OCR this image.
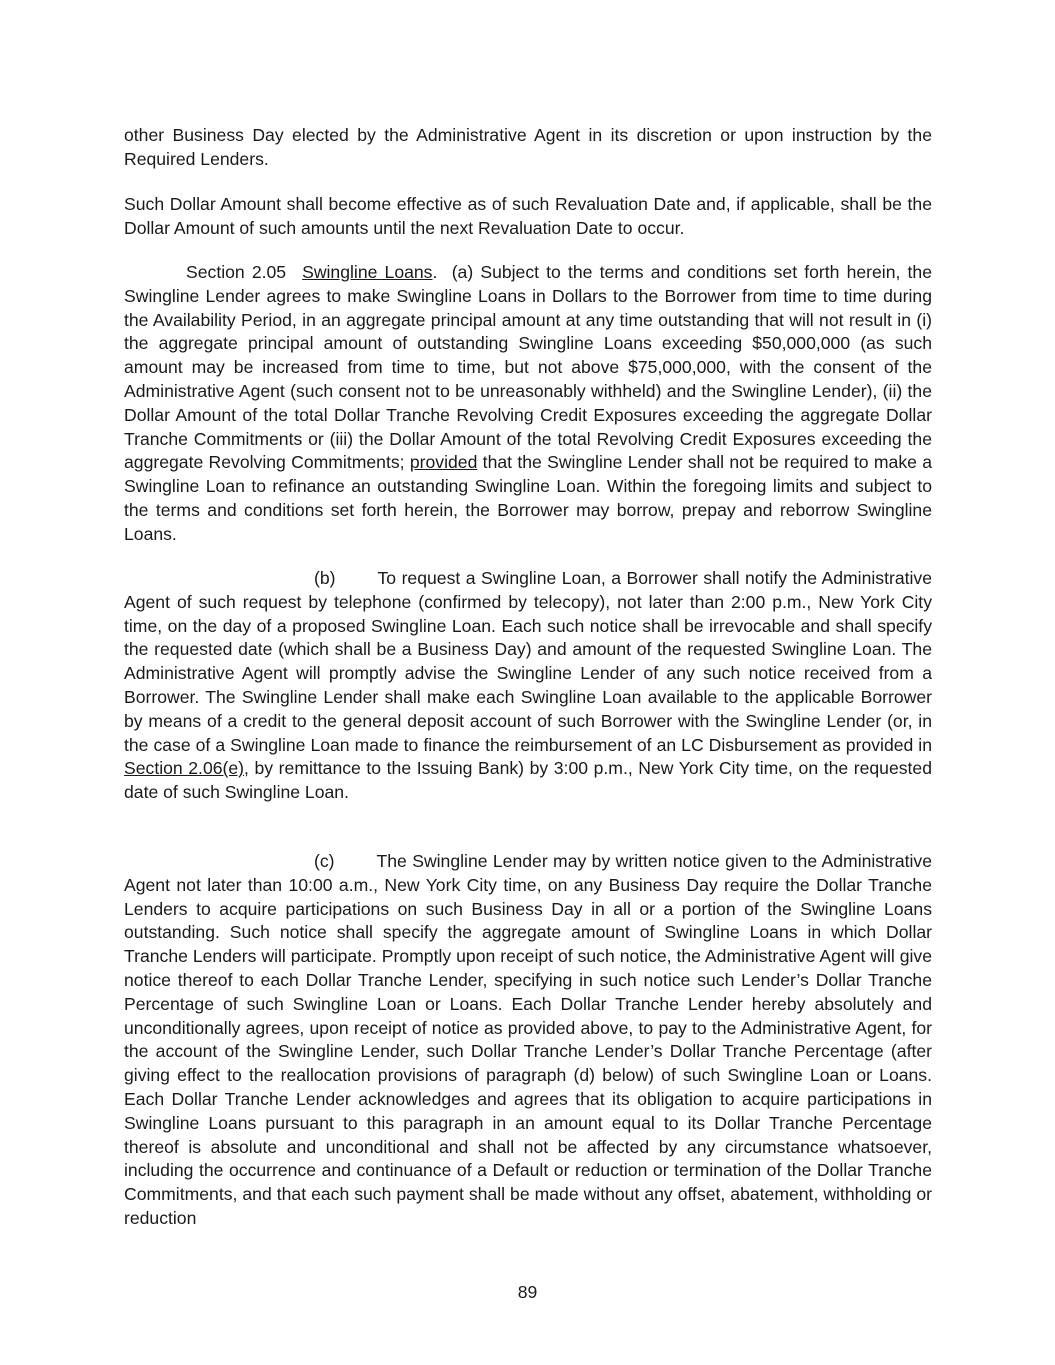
other Business Day elected by the Administrative Agent in its discretion or upon instruction by the Required Lenders.

Such Dollar Amount shall become effective as of such Revaluation Date and, if applicable, shall be the Dollar Amount of such amounts until the next Revaluation Date to occur.

Section 2.05 Swingline Loans. (a) Subject to the terms and conditions set forth herein, the Swingline Lender agrees to make Swingline Loans in Dollars to the Borrower from time to time during the Availability Period, in an aggregate principal amount at any time outstanding that will not result in (i) the aggregate principal amount of outstanding Swingline Loans exceeding $50,000,000 (as such amount may be increased from time to time, but not above $75,000,000, with the consent of the Administrative Agent (such consent not to be unreasonably withheld) and the Swingline Lender), (ii) the Dollar Amount of the total Dollar Tranche Revolving Credit Exposures exceeding the aggregate Dollar Tranche Commitments or (iii) the Dollar Amount of the total Revolving Credit Exposures exceeding the aggregate Revolving Commitments; provided that the Swingline Lender shall not be required to make a Swingline Loan to refinance an outstanding Swingline Loan. Within the foregoing limits and subject to the terms and conditions set forth herein, the Borrower may borrow, prepay and reborrow Swingline Loans.

(b) To request a Swingline Loan, a Borrower shall notify the Administrative Agent of such request by telephone (confirmed by telecopy), not later than 2:00 p.m., New York City time, on the day of a proposed Swingline Loan. Each such notice shall be irrevocable and shall specify the requested date (which shall be a Business Day) and amount of the requested Swingline Loan. The Administrative Agent will promptly advise the Swingline Lender of any such notice received from a Borrower. The Swingline Lender shall make each Swingline Loan available to the applicable Borrower by means of a credit to the general deposit account of such Borrower with the Swingline Lender (or, in the case of a Swingline Loan made to finance the reimbursement of an LC Disbursement as provided in Section 2.06(e), by remittance to the Issuing Bank) by 3:00 p.m., New York City time, on the requested date of such Swingline Loan.

(c) The Swingline Lender may by written notice given to the Administrative Agent not later than 10:00 a.m., New York City time, on any Business Day require the Dollar Tranche Lenders to acquire participations on such Business Day in all or a portion of the Swingline Loans outstanding. Such notice shall specify the aggregate amount of Swingline Loans in which Dollar Tranche Lenders will participate. Promptly upon receipt of such notice, the Administrative Agent will give notice thereof to each Dollar Tranche Lender, specifying in such notice such Lender’s Dollar Tranche Percentage of such Swingline Loan or Loans. Each Dollar Tranche Lender hereby absolutely and unconditionally agrees, upon receipt of notice as provided above, to pay to the Administrative Agent, for the account of the Swingline Lender, such Dollar Tranche Lender’s Dollar Tranche Percentage (after giving effect to the reallocation provisions of paragraph (d) below) of such Swingline Loan or Loans. Each Dollar Tranche Lender acknowledges and agrees that its obligation to acquire participations in Swingline Loans pursuant to this paragraph in an amount equal to its Dollar Tranche Percentage thereof is absolute and unconditional and shall not be affected by any circumstance whatsoever, including the occurrence and continuance of a Default or reduction or termination of the Dollar Tranche Commitments, and that each such payment shall be made without any offset, abatement, withholding or reduction

89
